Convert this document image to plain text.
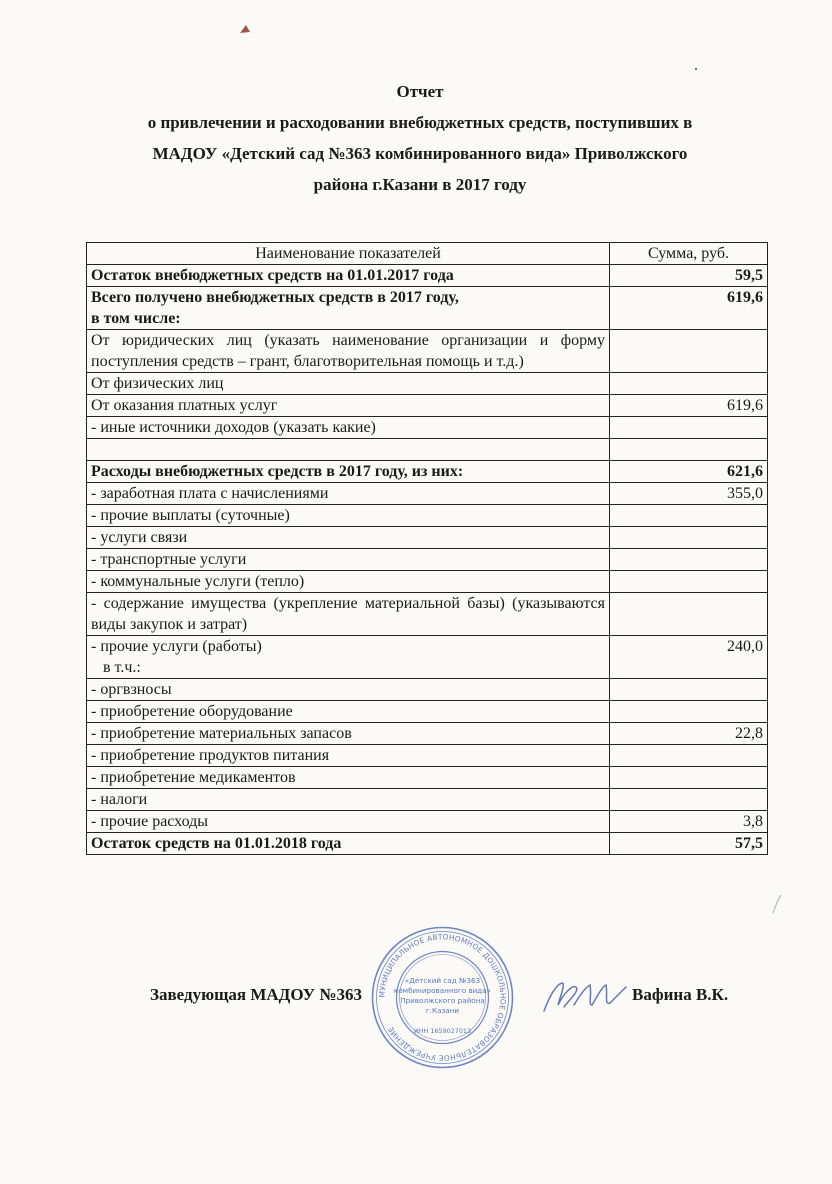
Отчет
о привлечении и расходовании внебюджетных средств, поступивших в
МАДОУ «Детский сад №363 комбинированного вида» Приволжского
района г.Казани в 2017 году
Наименование показателей	Сумма, руб.
Остаток внебюджетных средств на 01.01.2017 года	59,5

Всего получено внебюджетных средств в 2017 году,
в том числе:	619,6
От юридических лиц (указать наименование организации и форму поступления средств – грант, благотворительная помощь и т.д.)	
От физических лиц	
От оказания платных услуг	619,6
- иные источники доходов (указать какие)	

Расходы внебюджетных средств в 2017 году, из них:	621,6
- заработная плата с начислениями	355,0
- прочие выплаты (суточные)	
- услуги связи	
- транспортные услуги	
- коммунальные услуги (тепло)	
- содержание имущества (укрепление материальной базы) (указываются виды закупок и затрат)	

- прочие услуги (работы)
в т.ч.:	240,0
- оргвзносы	
- приобретение оборудование	
- приобретение материальных запасов	22,8
- приобретение продуктов питания	
- приобретение медикаментов	
- налоги	
- прочие расходы	3,8
Остаток средств на 01.01.2018 года	57,5
Заведующая МАДОУ №363 МУНИЦИПАЛЬНОЕ АВТОНОМНОЕ ДОШКОЛЬНОЕ ОБРАЗОВАТЕЛЬНОЕ УЧРЕЖДЕНИЕ
«Детский сад №363
комбинированного вида»
Приволжского района
г.Казани
ИНН 1659027013
Вафина В.К.
